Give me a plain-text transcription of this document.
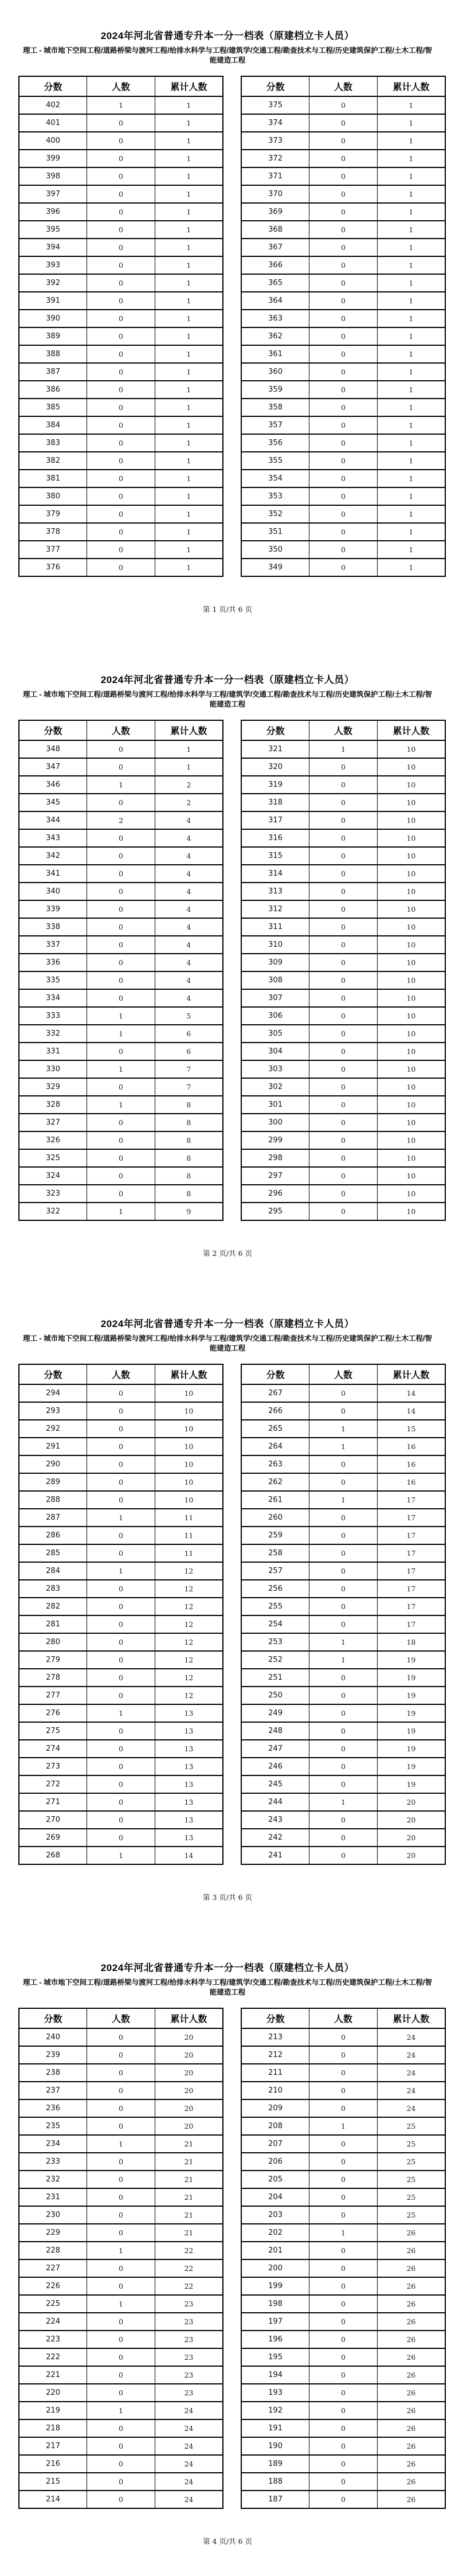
2024年河北省普通专升本一分一档表（原建档立卡人员）
理工 - 城市地下空间工程/道路桥梁与渡河工程/给排水科学与工程/建筑学/交通工程/勘查技术与工程/历史建筑保护工程/土木工程/智能建造工程
分数	人数	累计人数
402	1	1
401	0	1
400	0	1
399	0	1
398	0	1
397	0	1
396	0	1
395	0	1
394	0	1
393	0	1
392	0	1
391	0	1
390	0	1
389	0	1
388	0	1
387	0	1
386	0	1
385	0	1
384	0	1
383	0	1
382	0	1
381	0	1
380	0	1
379	0	1
378	0	1
377	0	1
376	0	1
分数	人数	累计人数
375	0	1
374	0	1
373	0	1
372	0	1
371	0	1
370	0	1
369	0	1
368	0	1
367	0	1
366	0	1
365	0	1
364	0	1
363	0	1
362	0	1
361	0	1
360	0	1
359	0	1
358	0	1
357	0	1
356	0	1
355	0	1
354	0	1
353	0	1
352	0	1
351	0	1
350	0	1
349	0	1
第 1 页/共 6 页
2024年河北省普通专升本一分一档表（原建档立卡人员）
理工 - 城市地下空间工程/道路桥梁与渡河工程/给排水科学与工程/建筑学/交通工程/勘查技术与工程/历史建筑保护工程/土木工程/智能建造工程
分数	人数	累计人数
348	0	1
347	0	1
346	1	2
345	0	2
344	2	4
343	0	4
342	0	4
341	0	4
340	0	4
339	0	4
338	0	4
337	0	4
336	0	4
335	0	4
334	0	4
333	1	5
332	1	6
331	0	6
330	1	7
329	0	7
328	1	8
327	0	8
326	0	8
325	0	8
324	0	8
323	0	8
322	1	9
分数	人数	累计人数
321	1	10
320	0	10
319	0	10
318	0	10
317	0	10
316	0	10
315	0	10
314	0	10
313	0	10
312	0	10
311	0	10
310	0	10
309	0	10
308	0	10
307	0	10
306	0	10
305	0	10
304	0	10
303	0	10
302	0	10
301	0	10
300	0	10
299	0	10
298	0	10
297	0	10
296	0	10
295	0	10
第 2 页/共 6 页
2024年河北省普通专升本一分一档表（原建档立卡人员）
理工 - 城市地下空间工程/道路桥梁与渡河工程/给排水科学与工程/建筑学/交通工程/勘查技术与工程/历史建筑保护工程/土木工程/智能建造工程
分数	人数	累计人数
294	0	10
293	0	10
292	0	10
291	0	10
290	0	10
289	0	10
288	0	10
287	1	11
286	0	11
285	0	11
284	1	12
283	0	12
282	0	12
281	0	12
280	0	12
279	0	12
278	0	12
277	0	12
276	1	13
275	0	13
274	0	13
273	0	13
272	0	13
271	0	13
270	0	13
269	0	13
268	1	14
分数	人数	累计人数
267	0	14
266	0	14
265	1	15
264	1	16
263	0	16
262	0	16
261	1	17
260	0	17
259	0	17
258	0	17
257	0	17
256	0	17
255	0	17
254	0	17
253	1	18
252	1	19
251	0	19
250	0	19
249	0	19
248	0	19
247	0	19
246	0	19
245	0	19
244	1	20
243	0	20
242	0	20
241	0	20
第 3 页/共 6 页
2024年河北省普通专升本一分一档表（原建档立卡人员）
理工 - 城市地下空间工程/道路桥梁与渡河工程/给排水科学与工程/建筑学/交通工程/勘查技术与工程/历史建筑保护工程/土木工程/智能建造工程
分数	人数	累计人数
240	0	20
239	0	20
238	0	20
237	0	20
236	0	20
235	0	20
234	1	21
233	0	21
232	0	21
231	0	21
230	0	21
229	0	21
228	1	22
227	0	22
226	0	22
225	1	23
224	0	23
223	0	23
222	0	23
221	0	23
220	0	23
219	1	24
218	0	24
217	0	24
216	0	24
215	0	24
214	0	24
分数	人数	累计人数
213	0	24
212	0	24
211	0	24
210	0	24
209	0	24
208	1	25
207	0	25
206	0	25
205	0	25
204	0	25
203	0	25
202	1	26
201	0	26
200	0	26
199	0	26
198	0	26
197	0	26
196	0	26
195	0	26
194	0	26
193	0	26
192	0	26
191	0	26
190	0	26
189	0	26
188	0	26
187	0	26
第 4 页/共 6 页
